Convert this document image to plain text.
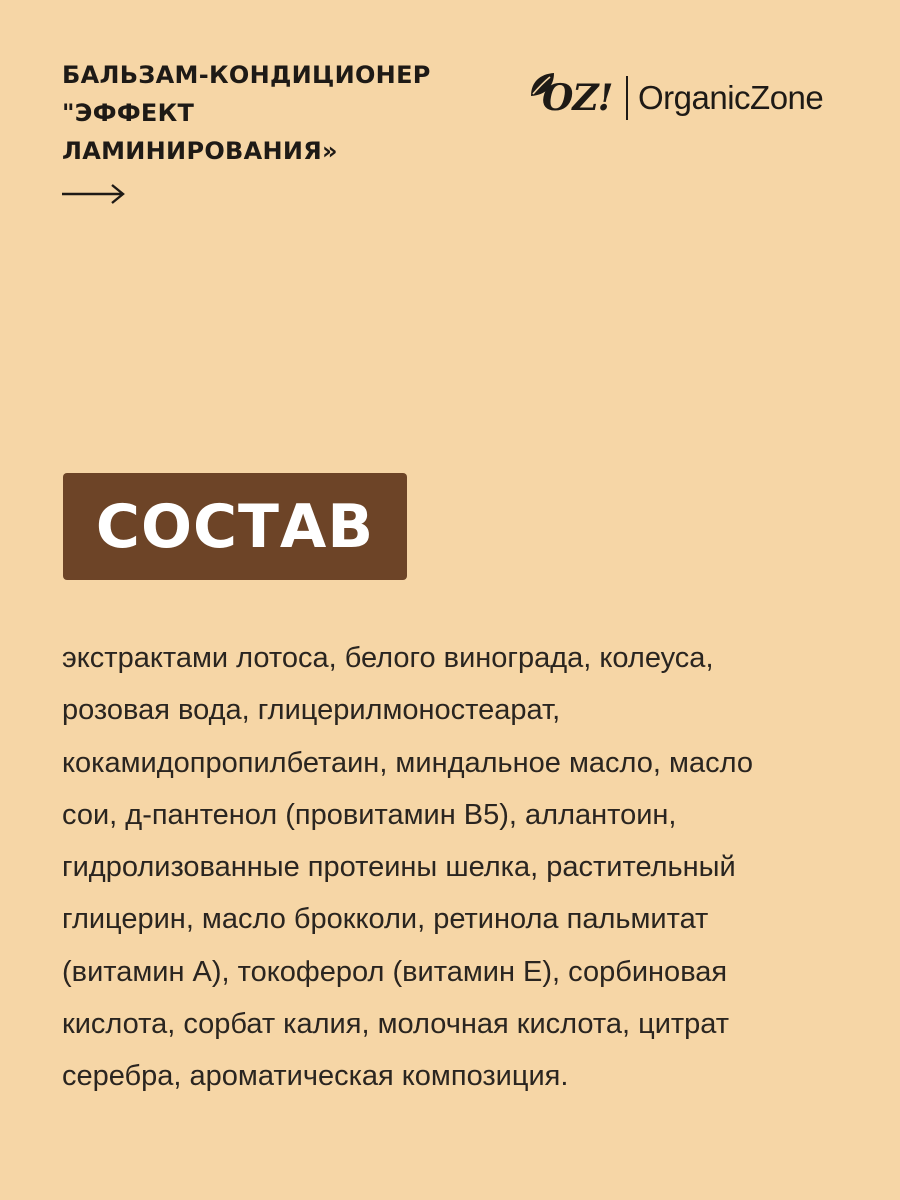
БАЛЬЗАМ-КОНДИЦИОНЕР
"ЭФФЕКТ
ЛАМИНИРОВАНИЯ»
OZ! OrganicZone
СОСТАВ
экстрактами лотоса, белого винограда, колеуса,
розовая вода, глицерилмоностеарат,
кокамидопропилбетаин, миндальное масло, масло
сои, д-пантенол (провитамин B5), аллантоин,
гидролизованные протеины шелка, растительный
глицерин, масло брокколи, ретинола пальмитат
(витамин А), токоферол (витамин Е), сорбиновая
кислота, сорбат калия, молочная кислота, цитрат
серебра, ароматическая композиция.
